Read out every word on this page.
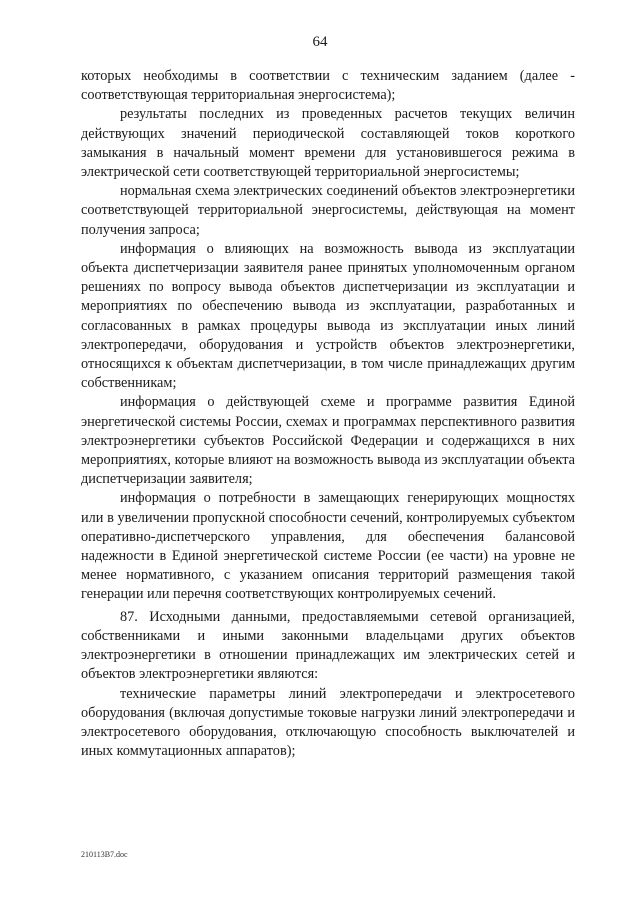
64

которых необходимы в соответствии с техническим заданием (далее - соответствующая территориальная энергосистема);

результаты последних из проведенных расчетов текущих величин действующих значений периодической составляющей токов короткого замыкания в начальный момент времени для установившегося режима в электрической сети соответствующей территориальной энергосистемы;

нормальная схема электрических соединений объектов электроэнергетики соответствующей территориальной энергосистемы, действующая на момент получения запроса;

информация о влияющих на возможность вывода из эксплуатации объекта диспетчеризации заявителя ранее принятых уполномоченным органом решениях по вопросу вывода объектов диспетчеризации из эксплуатации и мероприятиях по обеспечению вывода из эксплуатации, разработанных и согласованных в рамках процедуры вывода из эксплуатации иных линий электропередачи, оборудования и устройств объектов электроэнергетики, относящихся к объектам диспетчеризации, в том числе принадлежащих другим собственникам;

информация о действующей схеме и программе развития Единой энергетической системы России, схемах и программах перспективного развития электроэнергетики субъектов Российской Федерации и содержащихся в них мероприятиях, которые влияют на возможность вывода из эксплуатации объекта диспетчеризации заявителя;

информация о потребности в замещающих генерирующих мощностях или в увеличении пропускной способности сечений, контролируемых субъектом оперативно-диспетчерского управления, для обеспечения балансовой надежности в Единой энергетической системе России (ее части) на уровне не менее нормативного, с указанием описания территорий размещения такой генерации или перечня соответствующих контролируемых сечений.

87. Исходными данными, предоставляемыми сетевой организацией, собственниками и иными законными владельцами других объектов электроэнергетики в отношении принадлежащих им электрических сетей и объектов электроэнергетики являются:

технические параметры линий электропередачи и электросетевого оборудования (включая допустимые токовые нагрузки линий электропередачи и электросетевого оборудования, отключающую способность выключателей и иных коммутационных аппаратов);

210113В7.doc
